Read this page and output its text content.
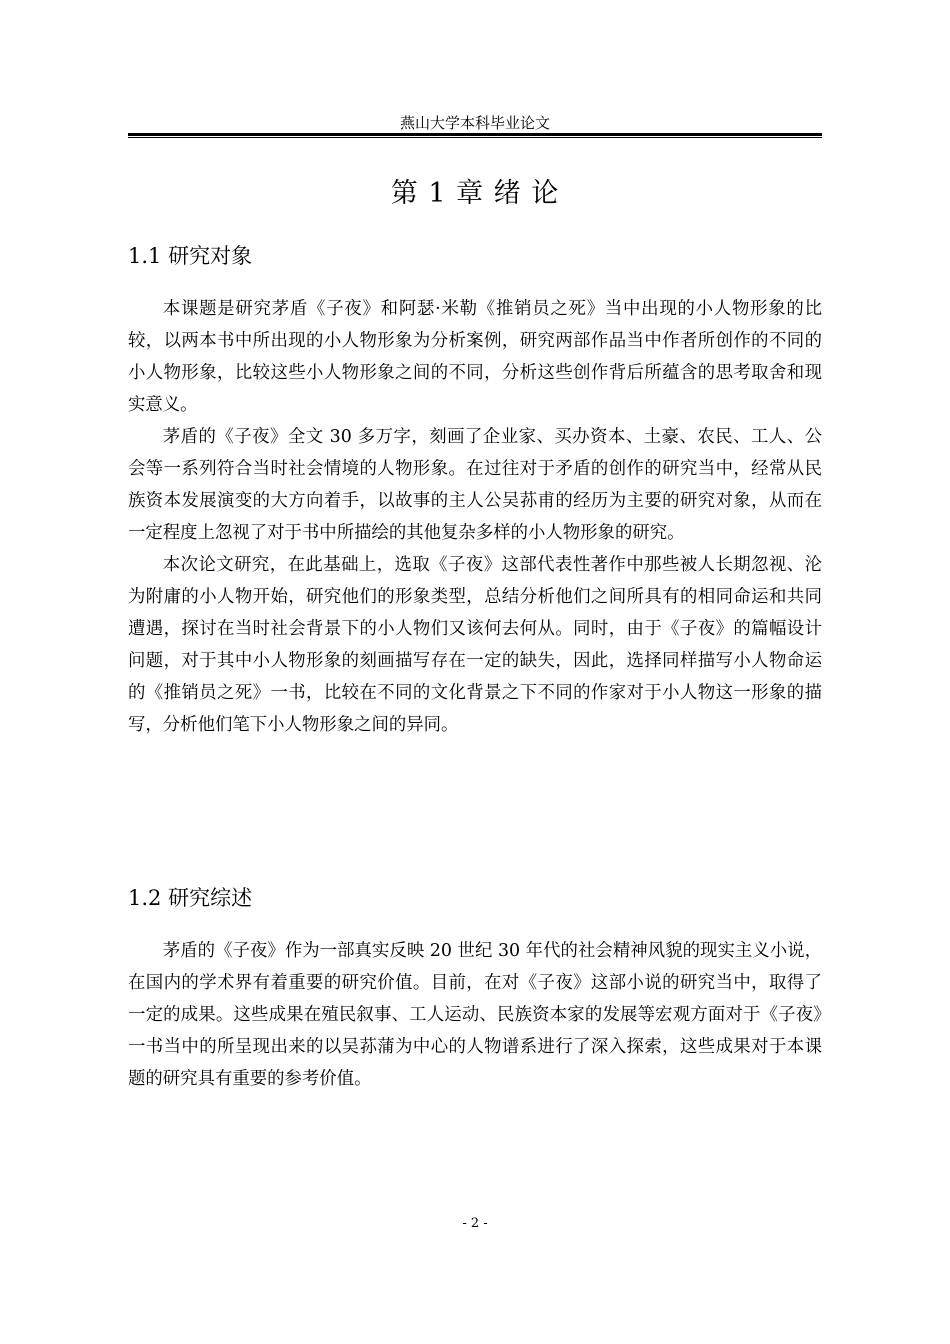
燕山大学本科毕业论文
第 1 章 绪 论
1.1 研究对象

本课题是研究茅盾《子夜》和阿瑟·米勒《推销员之死》当中出现的小人物形象的比较，以两本书中所出现的小人物形象为分析案例，研究两部作品当中作者所创作的不同的小人物形象，比较这些小人物形象之间的不同，分析这些创作背后所蕴含的思考取舍和现实意义。

茅盾的《子夜》全文 30 多万字，刻画了企业家、买办资本、土豪、农民、工人、公会等一系列符合当时社会情境的人物形象。在过往对于矛盾的创作的研究当中，经常从民族资本发展演变的大方向着手，以故事的主人公吴荪甫的经历为主要的研究对象，从而在一定程度上忽视了对于书中所描绘的其他复杂多样的小人物形象的研究。

本次论文研究，在此基础上，选取《子夜》这部代表性著作中那些被人长期忽视、沦为附庸的小人物开始，研究他们的形象类型，总结分析他们之间所具有的相同命运和共同遭遇，探讨在当时社会背景下的小人物们又该何去何从。同时，由于《子夜》的篇幅设计问题，对于其中小人物形象的刻画描写存在一定的缺失，因此，选择同样描写小人物命运的《推销员之死》一书，比较在不同的文化背景之下不同的作家对于小人物这一形象的描写，分析他们笔下小人物形象之间的异同。

1.2 研究综述

茅盾的《子夜》作为一部真实反映 20 世纪 30 年代的社会精神风貌的现实主义小说，在国内的学术界有着重要的研究价值。目前，在对《子夜》这部小说的研究当中，取得了一定的成果。这些成果在殖民叙事、工人运动、民族资本家的发展等宏观方面对于《子夜》一书当中的所呈现出来的以吴荪蒲为中心的人物谱系进行了深入探索，这些成果对于本课题的研究具有重要的参考价值。

- 2 -
